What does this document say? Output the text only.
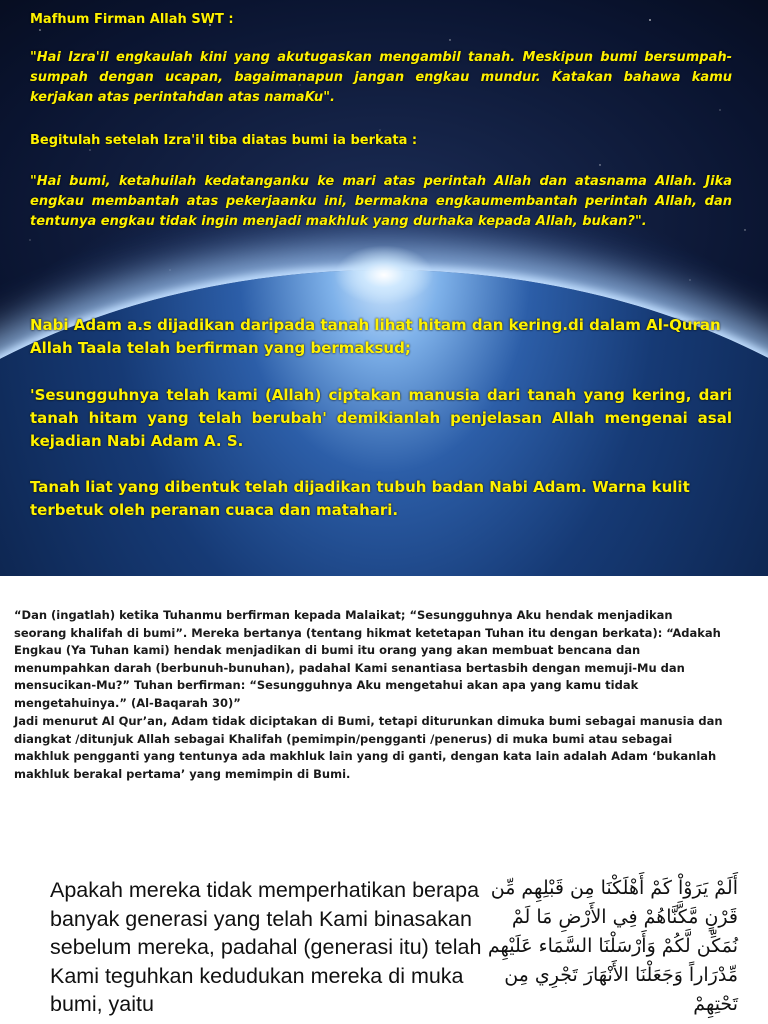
Mafhum Firman Allah SWT :
"Hai Izra'il engkaulah kini yang akutugaskan mengambil tanah. Meskipun bumi bersumpah-sumpah dengan ucapan, bagaimanapun jangan engkau mundur. Katakan bahawa kamu kerjakan atas perintahdan atas namaKu".
Begitulah setelah Izra'il tiba diatas bumi ia berkata :
"Hai bumi, ketahuilah kedatanganku ke mari atas perintah Allah dan atasnama Allah. Jika engkau membantah atas pekerjaanku ini, bermakna engkaumembantah perintah Allah, dan tentunya engkau tidak ingin menjadi makhluk yang durhaka kepada Allah, bukan?".
Nabi Adam a.s dijadikan daripada tanah lihat hitam dan kering.di dalam Al-Quran Allah Taala telah berfirman yang bermaksud;
'Sesungguhnya telah kami (Allah) ciptakan manusia dari tanah yang kering, dari tanah hitam yang telah berubah' demikianlah penjelasan Allah mengenai asal kejadian Nabi Adam A. S.
Tanah liat yang dibentuk telah dijadikan tubuh badan Nabi Adam. Warna kulit terbetuk oleh peranan cuaca dan matahari.
“Dan (ingatlah) ketika Tuhanmu berfirman kepada Malaikat; “Sesungguhnya Aku hendak menjadikan seorang khalifah di bumi”. Mereka bertanya (tentang hikmat ketetapan Tuhan itu dengan berkata): “Adakah Engkau (Ya Tuhan kami) hendak menjadikan di bumi itu orang yang akan membuat bencana dan menumpahkan darah (berbunuh-bunuhan), padahal Kami senantiasa bertasbih dengan memuji-Mu dan mensucikan-Mu?” Tuhan berfirman: “Sesungguhnya Aku mengetahui akan apa yang kamu tidak mengetahuinya.” (Al-Baqarah 30)”
Jadi menurut Al Qur’an, Adam tidak diciptakan di Bumi, tetapi diturunkan dimuka bumi sebagai manusia dan diangkat /ditunjuk Allah sebagai Khalifah (pemimpin/pengganti /penerus) di muka bumi atau sebagai makhluk pengganti yang tentunya ada makhluk lain yang di ganti, dengan kata lain adalah Adam ‘bukanlah makhluk berakal pertama’ yang memimpin di Bumi.
Apakah mereka tidak memperhatikan berapa banyak generasi yang telah Kami binasakan sebelum mereka, padahal (generasi itu) telah Kami teguhkan kedudukan mereka di muka bumi, yaitu
أَلَمْ يَرَوْاْ كَمْ أَهْلَكْنَا مِن قَبْلِهِم مِّن قَرْنٍ مَّكَّنَّاهُمْ فِي الأَرْضِ مَا لَمْ نُمَكِّن لَّكُمْ وَأَرْسَلْنَا السَّمَاء عَلَيْهِم مِّدْرَاراً وَجَعَلْنَا الأَنْهَارَ تَجْرِي مِن تَحْتِهِمْ
